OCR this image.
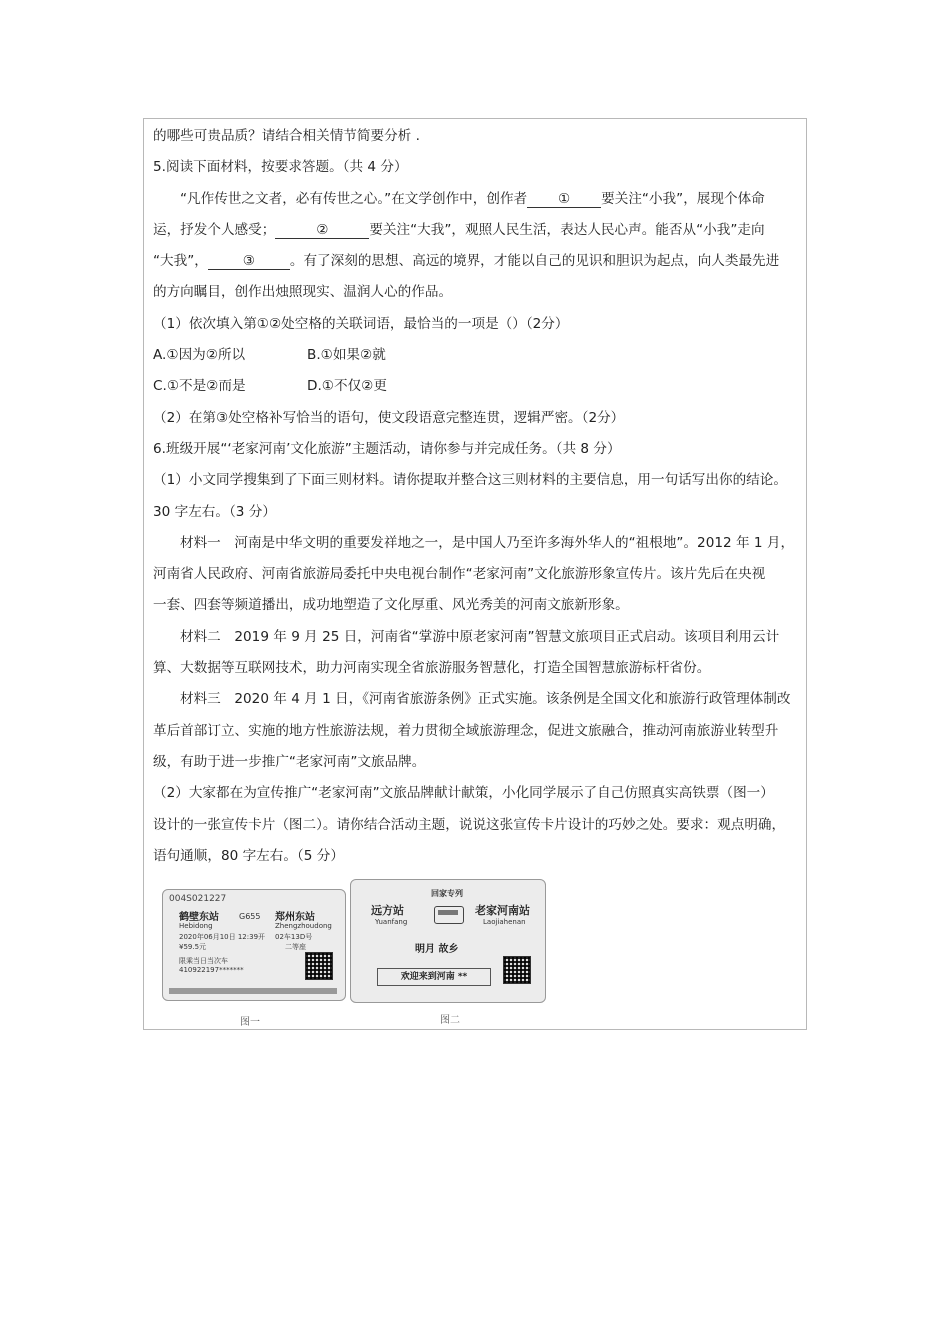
的哪些可贵品质？请结合相关情节简要分析 .
5.阅读下面材料，按要求答题。（共 4 分）
“凡作传世之文者，必有传世之心。”在文学创作中，创作者 ① 要关注“小我”，展现个体命
运，抒发个人感受；	②	要关注“大我”，观照人民生活，表达人民心声。能否从“小我”走向
“大我”，	③	。有了深刻的思想、高远的境界，才能以自己的见识和胆识为起点，向人类最先进
的方向瞩目，创作出烛照现实、温润人心的作品。
（1）依次填入第①②处空格的关联词语，最恰当的一项是（）（2分）
A.①因为②所以	B.①如果②就
C.①不是②而是	D.①不仅②更
（2）在第③处空格补写恰当的语句，使文段语意完整连贯，逻辑严密。（2分）
6.班级开展“‘老家河南’文化旅游”主题活动，请你参与并完成任务。（共 8 分）
（1）小文同学搜集到了下面三则材料。请你提取并整合这三则材料的主要信息，用一句话写出你的结论。
30 字左右。（3 分）
材料一　河南是中华文明的重要发祥地之一，是中国人乃至许多海外华人的“祖根地”。2012 年 1 月，
河南省人民政府、河南省旅游局委托中央电视台制作“老家河南”文化旅游形象宣传片。该片先后在央视
一套、四套等频道播出，成功地塑造了文化厚重、风光秀美的河南文旅新形象。
材料二　2019 年 9 月 25 日，河南省“掌游中原老家河南”智慧文旅项目正式启动。该项目利用云计
算、大数据等互联网技术，助力河南实现全省旅游服务智慧化，打造全国智慧旅游标杆省份。
材料三　2020 年 4 月 1 日，《河南省旅游条例》正式实施。该条例是全国文化和旅游行政管理体制改
革后首部订立、实施的地方性旅游法规，着力贯彻全域旅游理念，促进文旅融合，推动河南旅游业转型升
级，有助于进一步推广“老家河南”文旅品牌。
（2）大家都在为宣传推广“老家河南”文旅品牌献计献策，小化同学展示了自己仿照真实高铁票（图一）
设计的一张宣传卡片（图二）。请你结合活动主题，说说这张宣传卡片设计的巧妙之处。要求：观点明确，
语句通顺，80 字左右。（5 分）
004S021227
鹤壁东站
Hebidong
G655 郑州东站
Zhengzhoudong
2020年06月10日 12:39开 02车13D号
¥59.5元	二等座
限乘当日当次车
410922197*******
图一
回家专列
远方站
Yuanfang
老家河南站
Laojiahenan
明月 故乡
欢迎来到河南 **
图二
